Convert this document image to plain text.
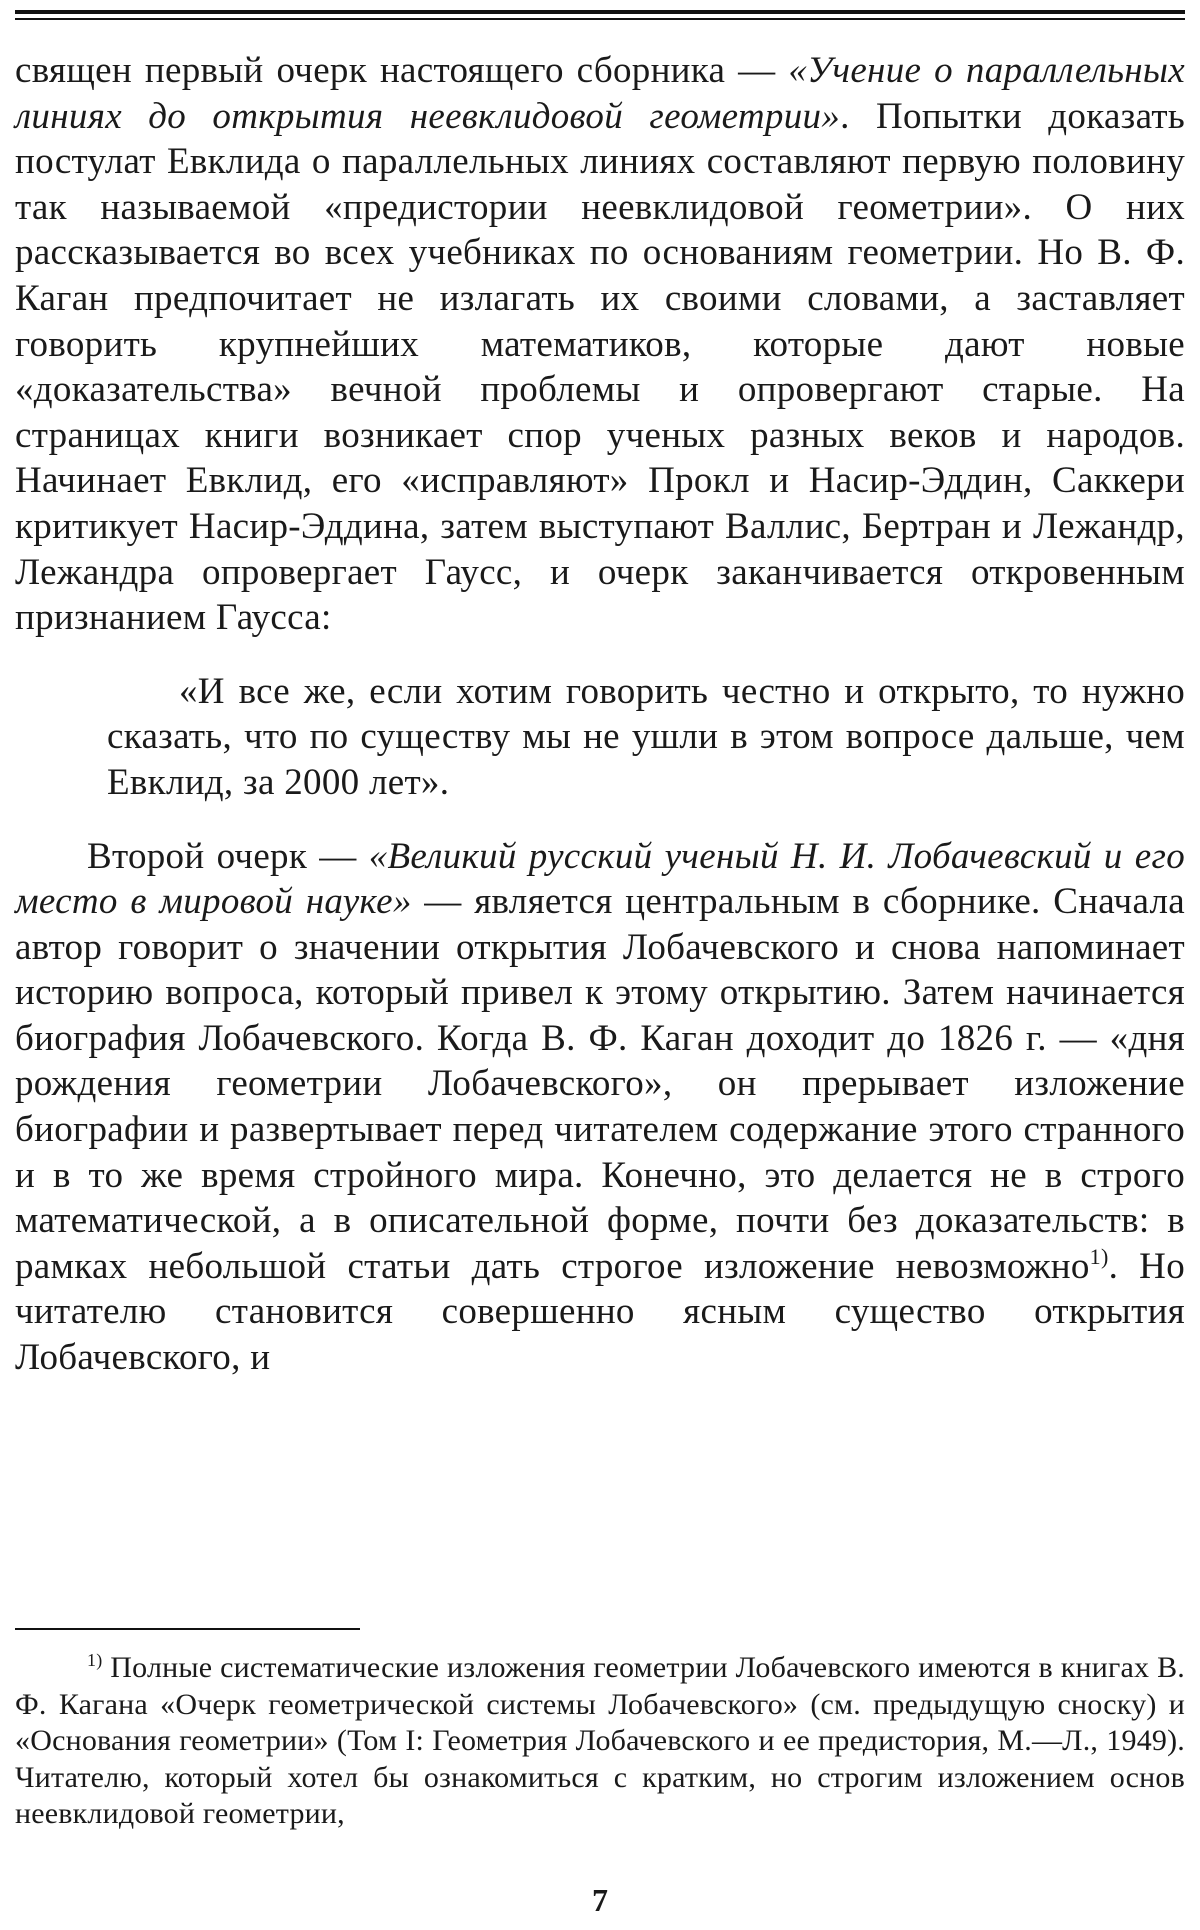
священ первый очерк настоящего сборника — «Учение о параллельных линиях до открытия неевклидовой геометрии». Попытки доказать постулат Евклида о параллельных линиях составляют первую половину так называемой «предистории неевклидовой геометрии». О них рассказывается во всех учебниках по основаниям геометрии. Но В. Ф. Каган предпочитает не излагать их своими словами, а заставляет говорить крупнейших математиков, которые дают новые «доказательства» вечной проблемы и опровергают старые. На страницах книги возникает спор ученых разных веков и народов. Начинает Евклид, его «исправляют» Прокл и Насир-Эддин, Саккери критикует Насир-Эддина, затем выступают Валлис, Бертран и Лежандр, Лежандра опровергает Гаусс, и очерк заканчивается откровенным признанием Гаусса:

«И все же, если хотим говорить честно и открыто, то нужно сказать, что по существу мы не ушли в этом вопросе дальше, чем Евклид, за 2000 лет».

Второй очерк — «Великий русский ученый Н. И. Лобачевский и его место в мировой науке» — является центральным в сборнике. Сначала автор говорит о значении открытия Лобачевского и снова напоминает историю вопроса, который привел к этому открытию. Затем начинается биография Лобачевского. Когда В. Ф. Каган доходит до 1826 г. — «дня рождения геометрии Лобачевского», он прерывает изложение биографии и развертывает перед читателем содержание этого странного и в то же время стройного мира. Конечно, это делается не в строго математической, а в описательной форме, почти без доказательств: в рамках небольшой статьи дать строгое изложение невозможно$^{1)}$. Но читателю становится совершенно ясным существо открытия Лобачевского, и

$^{1)}$ Полные систематические изложения геометрии Лобачевского имеются в книгах В. Ф. Кагана «Очерк геометрической системы Лобачевского» (см. предыдущую сноску) и «Основания геометрии» (Том I: Геометрия Лобачевского и ее предистория, М.—Л., 1949). Читателю, который хотел бы ознакомиться с кратким, но строгим изложением основ неевклидовой геометрии,

7
